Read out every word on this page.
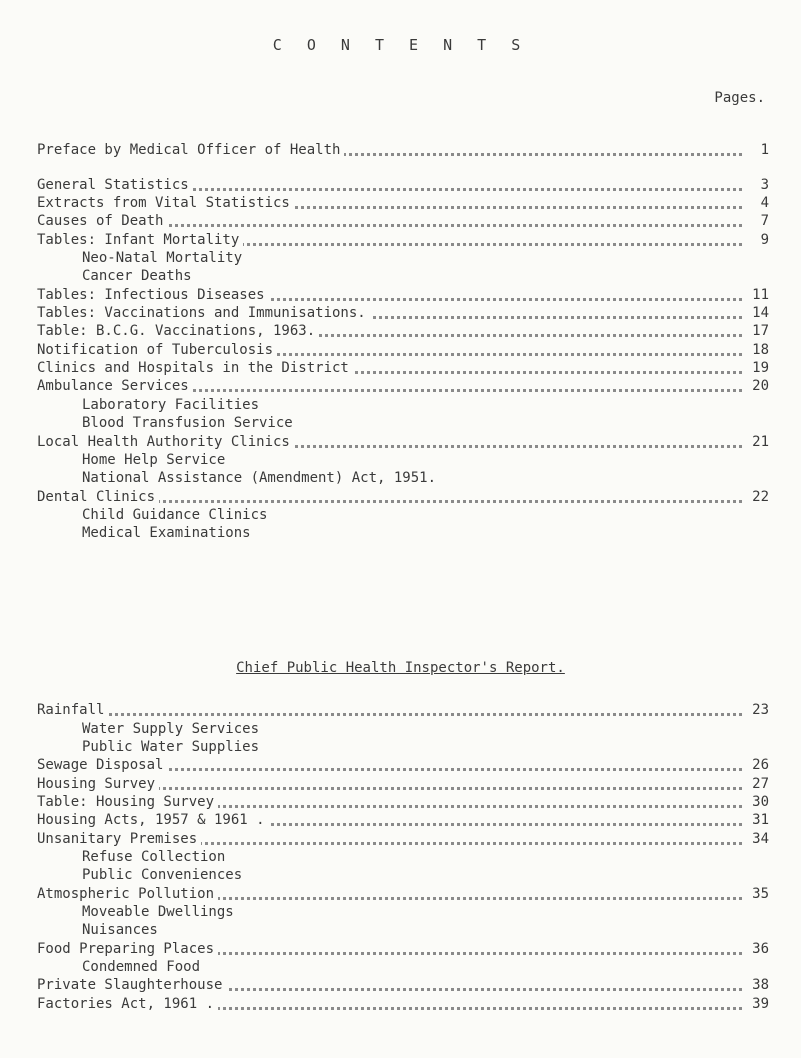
C O N T E N T S
Pages.
Preface by Medical Officer of Health	1
General Statistics	3
Extracts from Vital Statistics	4
Causes of Death	7
Tables: Infant Mortality	9
Neo-Natal Mortality
Cancer Deaths
Tables: Infectious Diseases	11
Tables: Vaccinations and Immunisations.	14
Table: B.C.G. Vaccinations, 1963.	17
Notification of Tuberculosis	18
Clinics and Hospitals in the District	19
Ambulance Services	20
Laboratory Facilities
Blood Transfusion Service
Local Health Authority Clinics	21
Home Help Service
National Assistance (Amendment) Act, 1951.
Dental Clinics	22
Child Guidance Clinics
Medical Examinations
Chief Public Health Inspector's Report.
Rainfall	23
Water Supply Services
Public Water Supplies
Sewage Disposal	26
Housing Survey	27
Table: Housing Survey	30
Housing Acts, 1957 & 1961 .	31
Unsanitary Premises	34
Refuse Collection
Public Conveniences
Atmospheric Pollution	35
Moveable Dwellings
Nuisances
Food Preparing Places	36
Condemned Food
Private Slaughterhouse	38
Factories Act, 1961 .	39
